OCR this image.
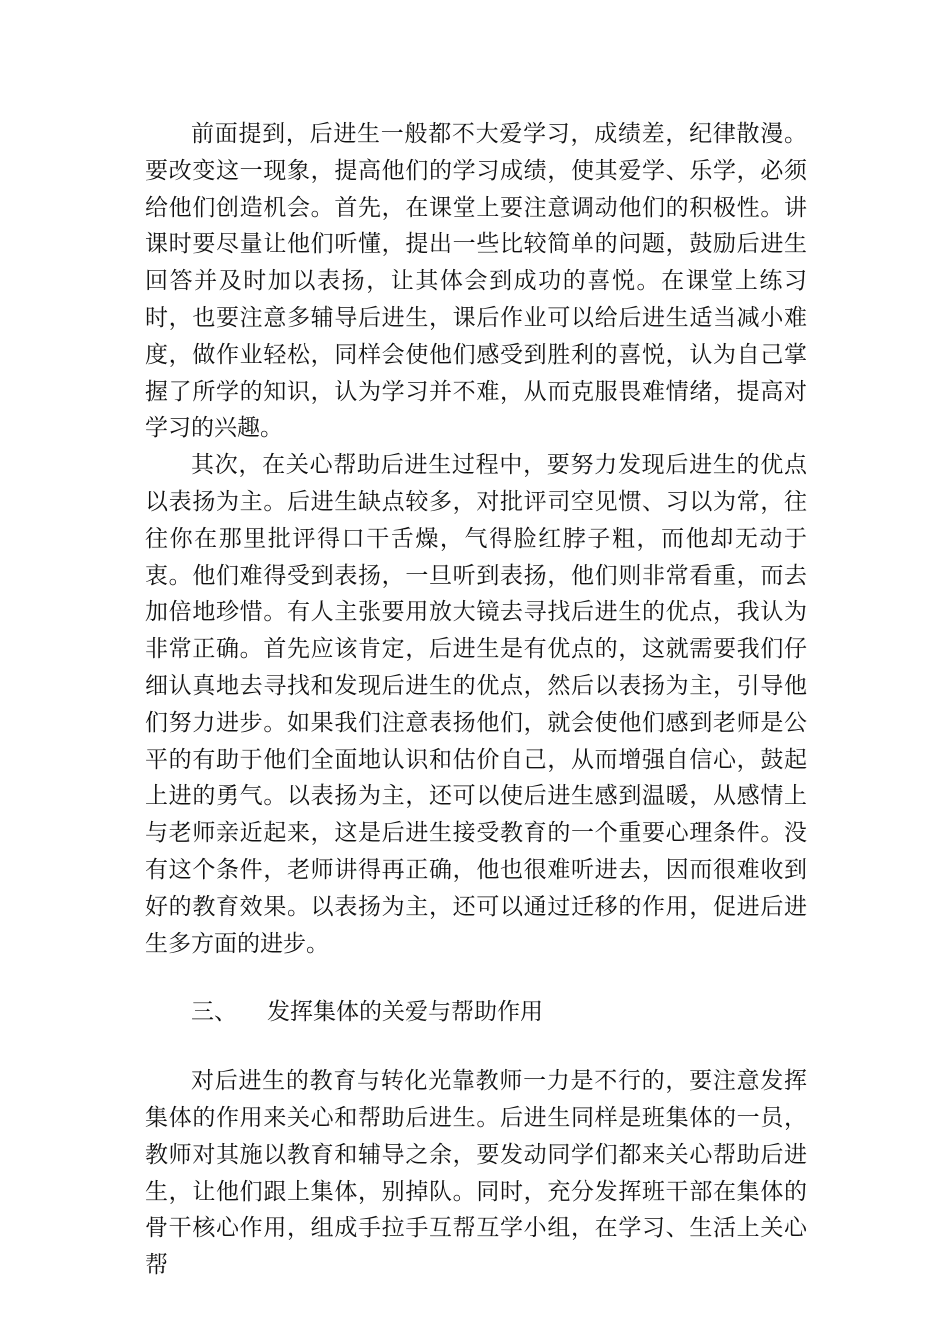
前面提到，后进生一般都不大爱学习，成绩差，纪律散漫。要改变这一现象，提高他们的学习成绩，使其爱学、乐学，必须给他们创造机会。首先，在课堂上要注意调动他们的积极性。讲课时要尽量让他们听懂，提出一些比较简单的问题，鼓励后进生回答并及时加以表扬，让其体会到成功的喜悦。在课堂上练习时，也要注意多辅导后进生，课后作业可以给后进生适当减小难度，做作业轻松，同样会使他们感受到胜利的喜悦，认为自己掌握了所学的知识，认为学习并不难，从而克服畏难情绪，提高对学习的兴趣。

其次，在关心帮助后进生过程中，要努力发现后进生的优点以表扬为主。后进生缺点较多，对批评司空见惯、习以为常，往往你在那里批评得口干舌燥，气得脸红脖子粗，而他却无动于衷。他们难得受到表扬，一旦听到表扬，他们则非常看重，而去加倍地珍惜。有人主张要用放大镜去寻找后进生的优点，我认为非常正确。首先应该肯定，后进生是有优点的，这就需要我们仔细认真地去寻找和发现后进生的优点，然后以表扬为主，引导他们努力进步。如果我们注意表扬他们，就会使他们感到老师是公平的有助于他们全面地认识和估价自己，从而增强自信心，鼓起上进的勇气。以表扬为主，还可以使后进生感到温暖，从感情上与老师亲近起来，这是后进生接受教育的一个重要心理条件。没有这个条件，老师讲得再正确，他也很难听进去，因而很难收到好的教育效果。以表扬为主，还可以通过迁移的作用，促进后进生多方面的进步。

三、 发挥集体的关爱与帮助作用

对后进生的教育与转化光靠教师一力是不行的，要注意发挥集体的作用来关心和帮助后进生。后进生同样是班集体的一员，教师对其施以教育和辅导之余，要发动同学们都来关心帮助后进生，让他们跟上集体，别掉队。同时，充分发挥班干部在集体的骨干核心作用，组成手拉手互帮互学小组，在学习、生活上关心帮
